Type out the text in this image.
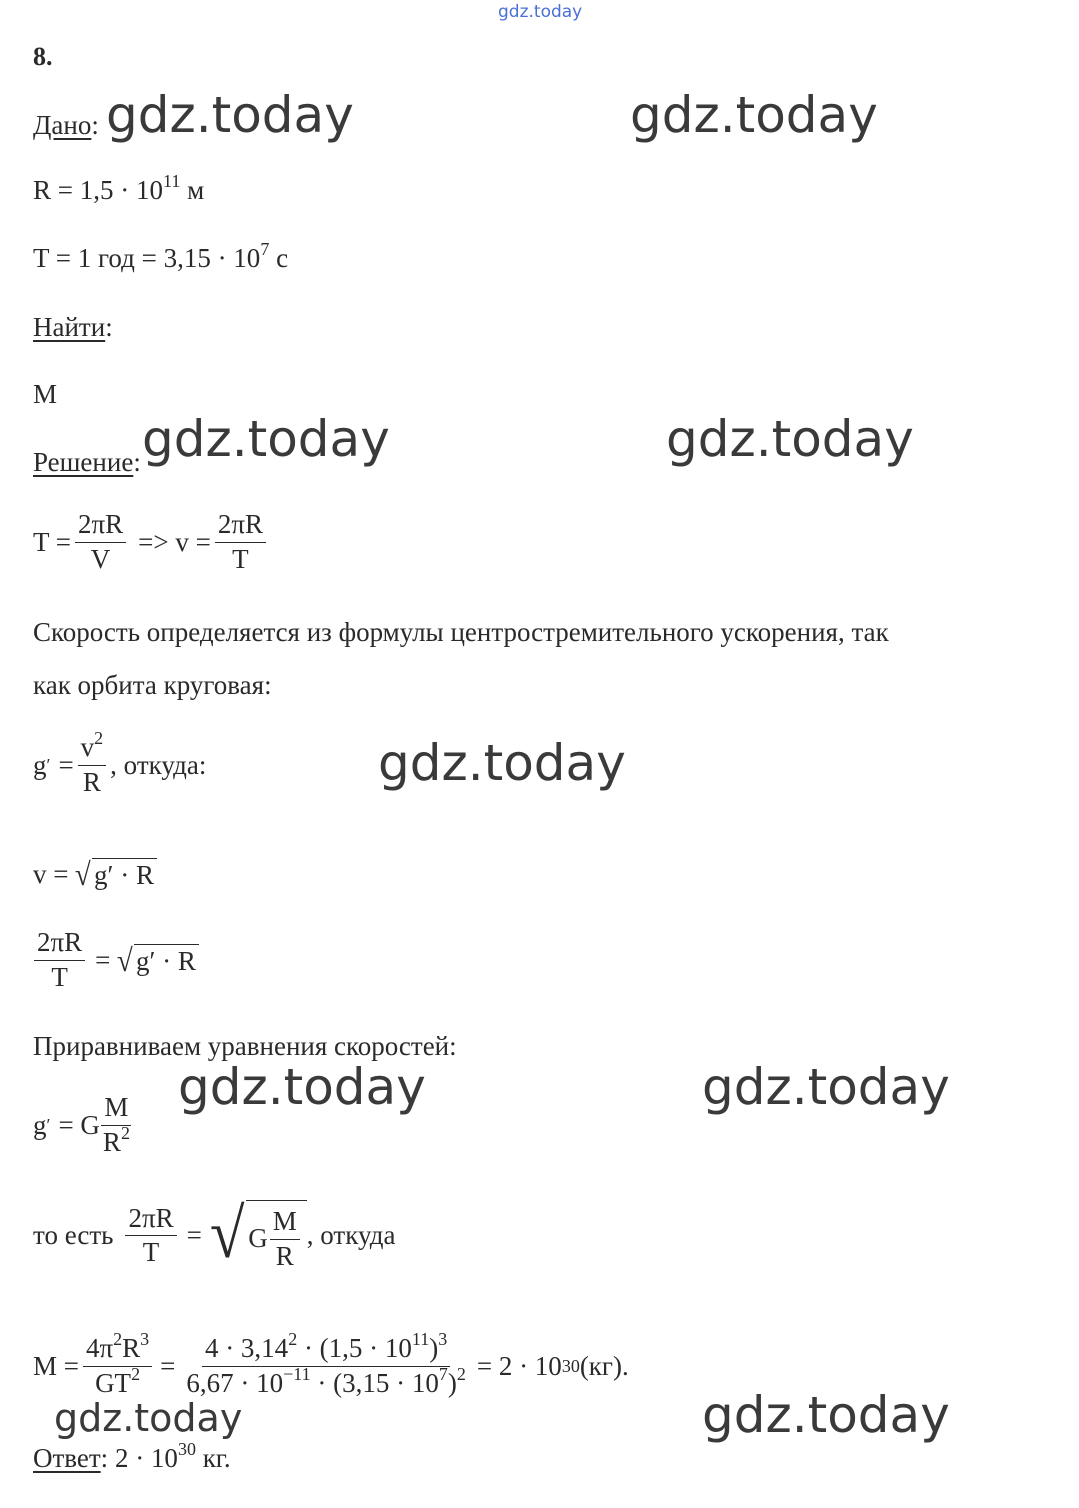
gdz.today
gdz.today	gdz.today
gdz.today	gdz.today
gdz.today
gdz.today	gdz.today
gdz.today	gdz.today
8.
Дано:
$R = 1,5 \cdot 10^{11}$ м
T = 1 год = $3,15 \cdot 10^7$ с
Найти:
M
Решение:
$T = \frac{2\pi R}{V} => v = \frac{2\pi R}{T}$
Скорость определяется из формулы центростремительного ускорения, так
как орбита круговая:
g ′ = $\frac{v^2}{R}$ , откуда:
v = √ g′ · R
$\frac{2\pi R}{T}$ = √ g′ · R
Приравниваем уравнения скоростей:
g ′ = G $\frac{M}{R^2}$
то есть $\frac{2\pi R}{T}$ = √ G $\frac{M}{R}$ , откуда
$M = \frac{4\pi^2R^3}{GT^2} = \frac{4 \cdot 3,14^2 \cdot (1,5 \cdot 10^{11})^3}{6,67 \cdot 10^{-11} \cdot (3,15 \cdot 10^7)^2} = 2 \cdot 10$ 30 (кг).
Ответ: $2 \cdot 10^{30}$ кг.
